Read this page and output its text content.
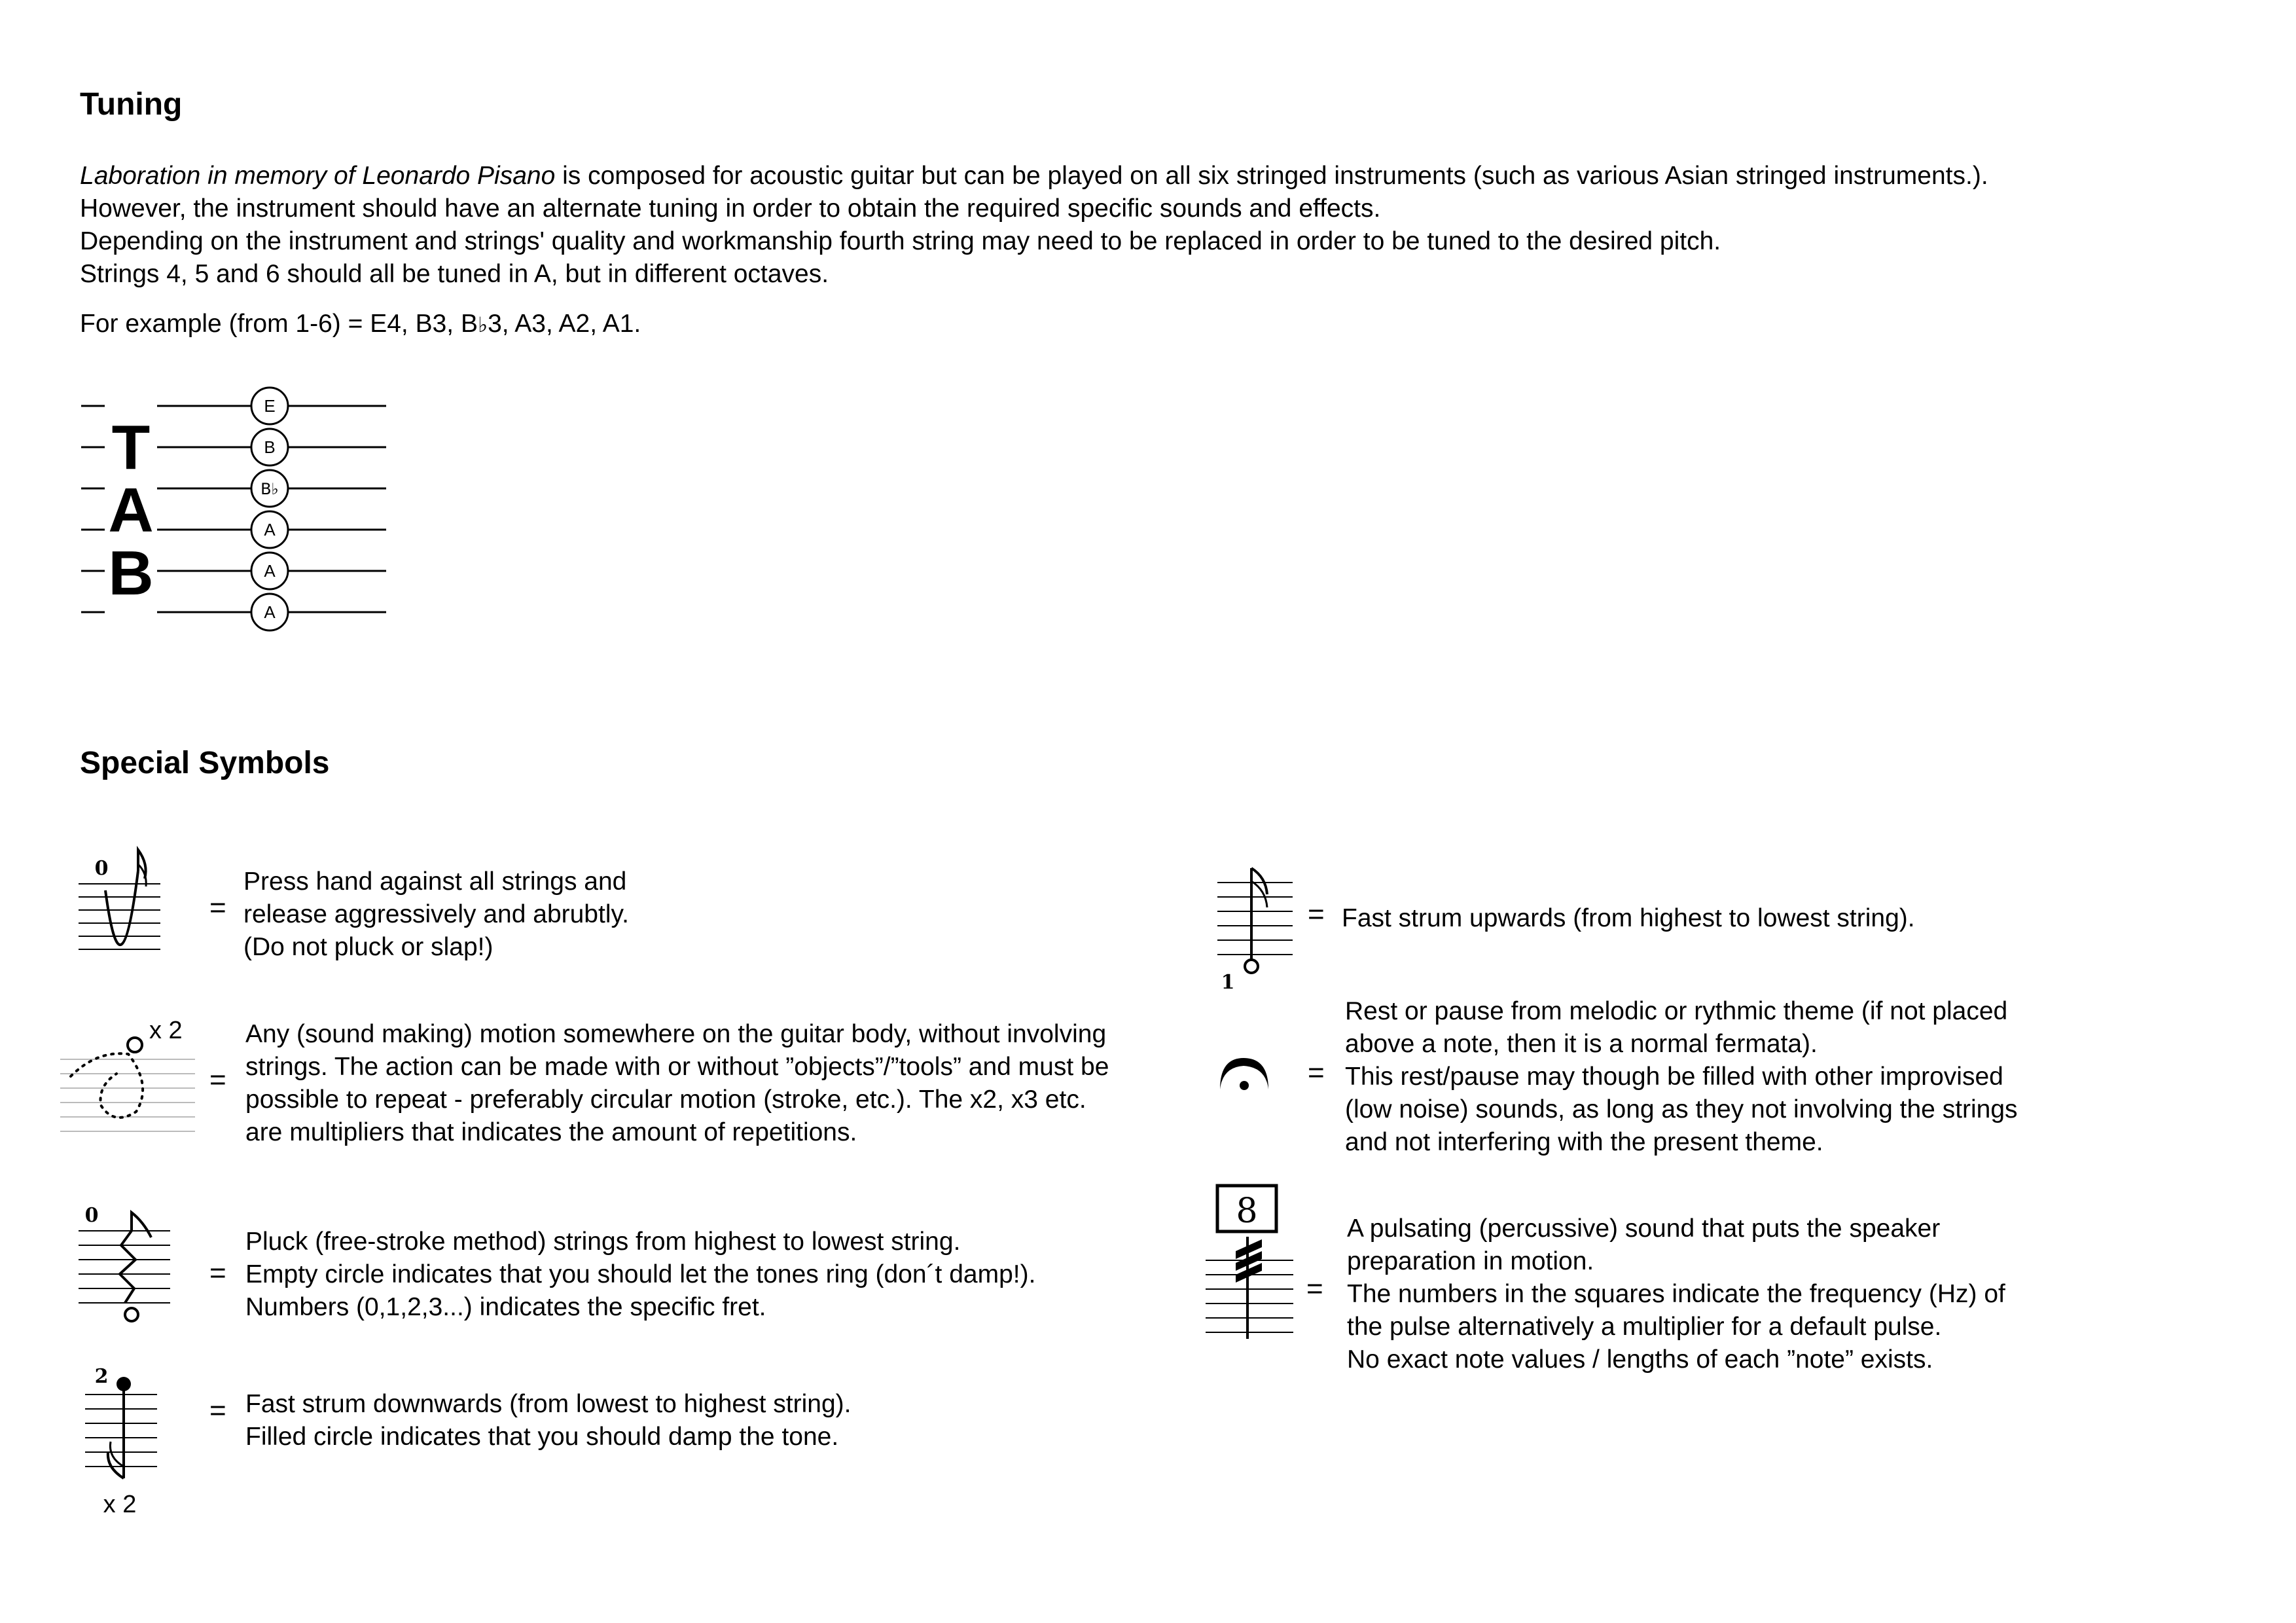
Tuning

Laboration in memory of Leonardo Pisano is composed for acoustic guitar but can be played on all six stringed instruments (such as various Asian stringed instruments.).

However, the instrument should have an alternate tuning in order to obtain the required specific sounds and effects.

Depending on the instrument and strings' quality and workmanship fourth string may need to be replaced in order to be tuned to the desired pitch.

Strings 4, 5 and 6 should all be tuned in A, but in different octaves.

For example (from 1-6) = E4, B3, B♭3, A3, A2, A1.

T
A
B
E
B
B♭
A
A
A
Special Symbols
0
=

Press hand against all strings and

release aggressively and abrubtly.

(Do not pluck or slap!)

x 2
=

Any (sound making) motion somewhere on the guitar body, without involving

strings. The action can be made with or without ”objects”/”tools” and must be

possible to repeat - preferably circular motion (stroke, etc.). The x2, x3 etc.

are multipliers that indicates the amount of repetitions.

0
=

Pluck (free-stroke method) strings from highest to lowest string.

Empty circle indicates that you should let the tones ring (don´t damp!).

Numbers (0,1,2,3...) indicates the specific fret.

2
x 2
= Fast strum downwards (from lowest to highest string).

Filled circle indicates that you should damp the tone.

1
= Fast strum upwards (from highest to lowest string).

=

Rest or pause from melodic or rythmic theme (if not placed

above a note, then it is a normal fermata).

This rest/pause may though be filled with other improvised

(low noise) sounds, as long as they not involving the strings

and not interfering with the present theme.

8
=

A pulsating (percussive) sound that puts the speaker

preparation in motion.

The numbers in the squares indicate the frequency (Hz) of

the pulse alternatively a multiplier for a default pulse.

No exact note values / lengths of each ”note” exists.
